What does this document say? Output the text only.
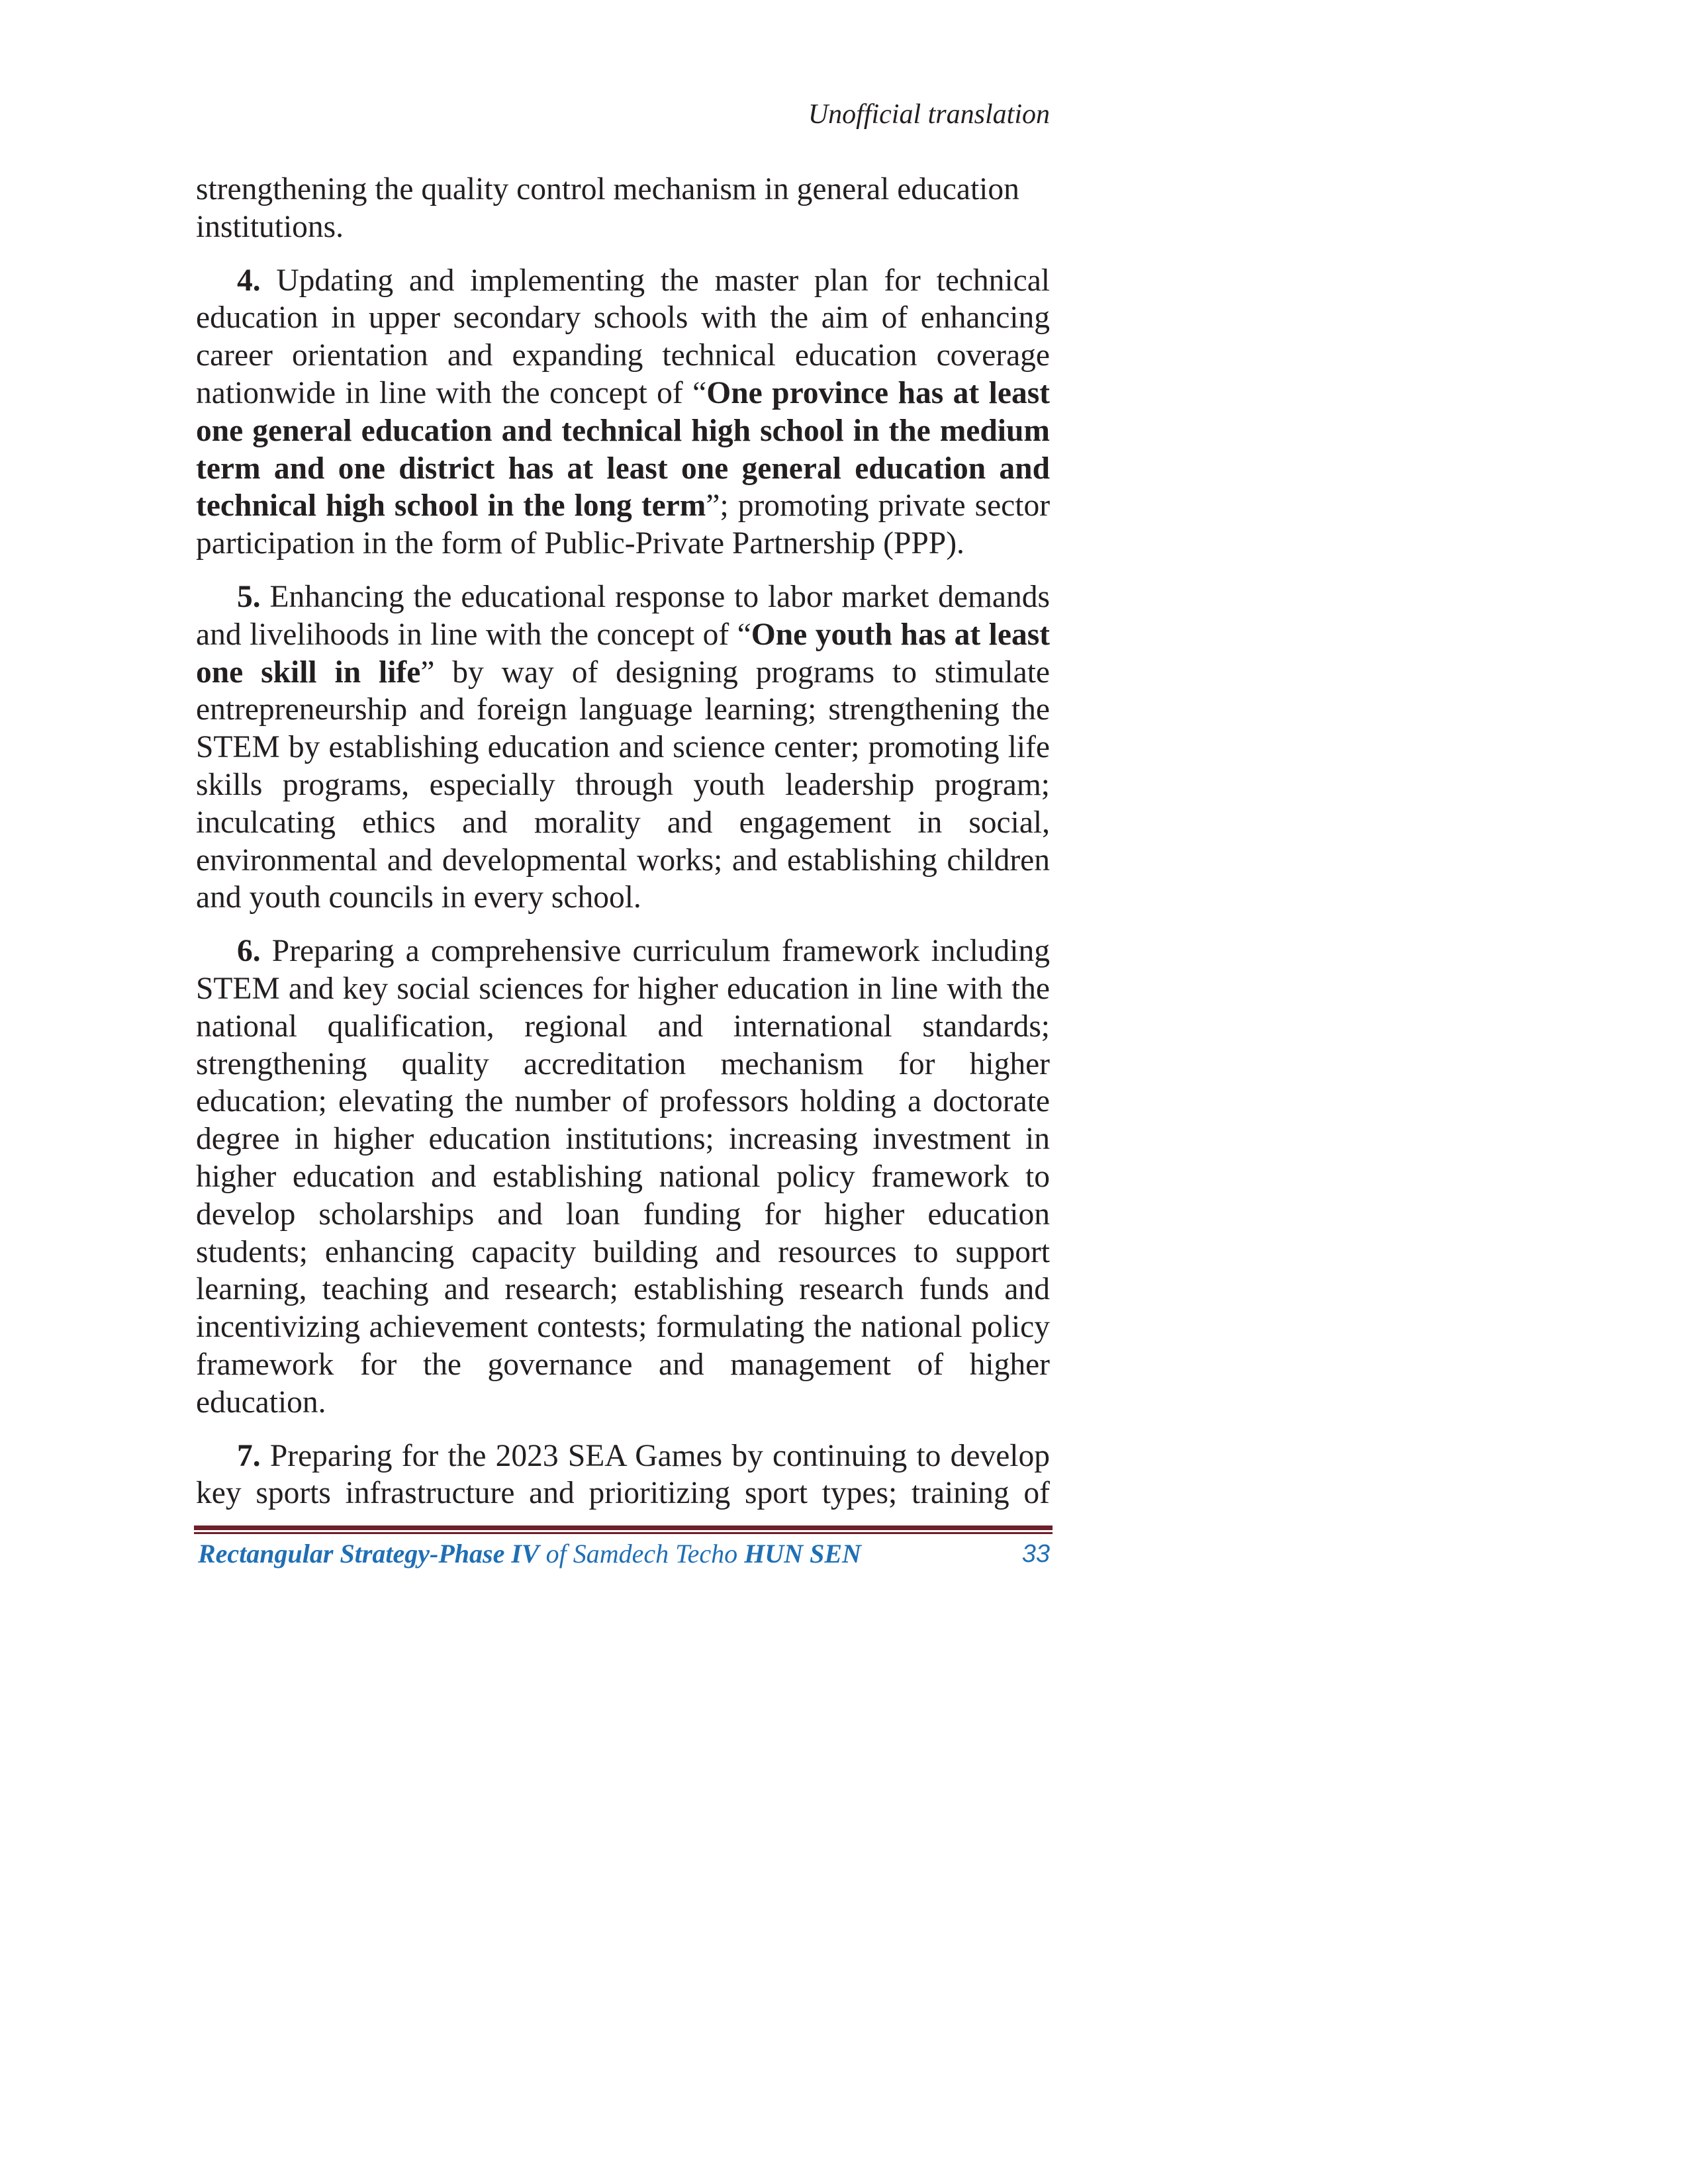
Unofficial translation

strengthening the quality control mechanism in general education institutions.

4. Updating and implementing the master plan for technical education in upper secondary schools with the aim of enhancing career orientation and expanding technical education coverage nationwide in line with the concept of “One province has at least one general education and technical high school in the medium term and one district has at least one general education and technical high school in the long term”; promoting private sector participation in the form of Public-Private Partnership (PPP).

5. Enhancing the educational response to labor market demands and livelihoods in line with the concept of “One youth has at least one skill in life” by way of designing programs to stimulate entrepreneurship and foreign language learning; strengthening the STEM by establishing education and science center; promoting life skills programs, especially through youth leadership program; inculcating ethics and morality and engagement in social, environmental and developmental works; and establishing children and youth councils in every school.

6. Preparing a comprehensive curriculum framework including STEM and key social sciences for higher education in line with the national qualification, regional and international standards; strengthening quality accreditation mechanism for higher education; elevating the number of professors holding a doctorate degree in higher education institutions; increasing investment in higher education and establishing national policy framework to develop scholarships and loan funding for higher education students; enhancing capacity building and resources to support learning, teaching and research; establishing research funds and incentivizing achievement contests; formulating the national policy framework for the governance and management of higher education.

7. Preparing for the 2023 SEA Games by continuing to develop key sports infrastructure and prioritizing sport types; training of

Rectangular Strategy-Phase IV of Samdech Techo HUN SEN	33
